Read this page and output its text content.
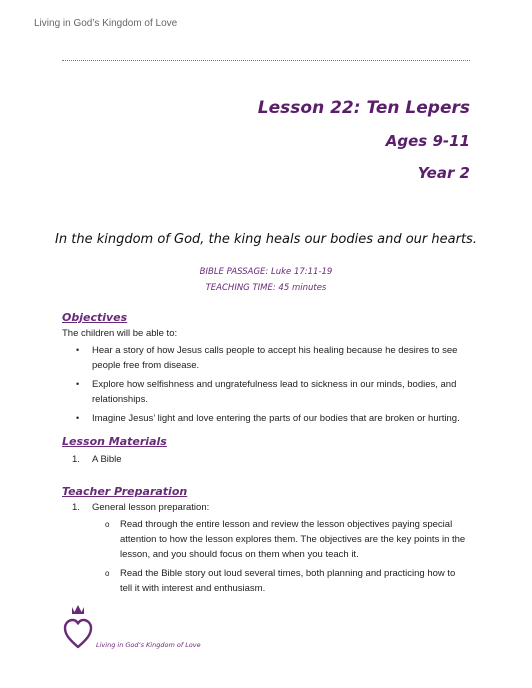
Living in God’s Kingdom of Love
Lesson 22: Ten Lepers
Ages 9-11
Year 2
In the kingdom of God, the king heals our bodies and our hearts.
BIBLE PASSAGE: Luke 17:11-19
TEACHING TIME: 45 minutes
Objectives
The children will be able to:
• Hear a story of how Jesus calls people to accept his healing because he desires to see people free from disease.
• Explore how selfishness and ungratefulness lead to sickness in our minds, bodies, and relationships.
• Imagine Jesus’ light and love entering the parts of our bodies that are broken or hurting.
Lesson Materials
1. A Bible
Teacher Preparation
1. General lesson preparation:
o Read through the entire lesson and review the lesson objectives paying special attention to how the lesson explores them. The objectives are the key points in the lesson, and you should focus on them when you teach it.
o Read the Bible story out loud several times, both planning and practicing how to tell it with interest and enthusiasm.
Living in God’s Kingdom of Love
